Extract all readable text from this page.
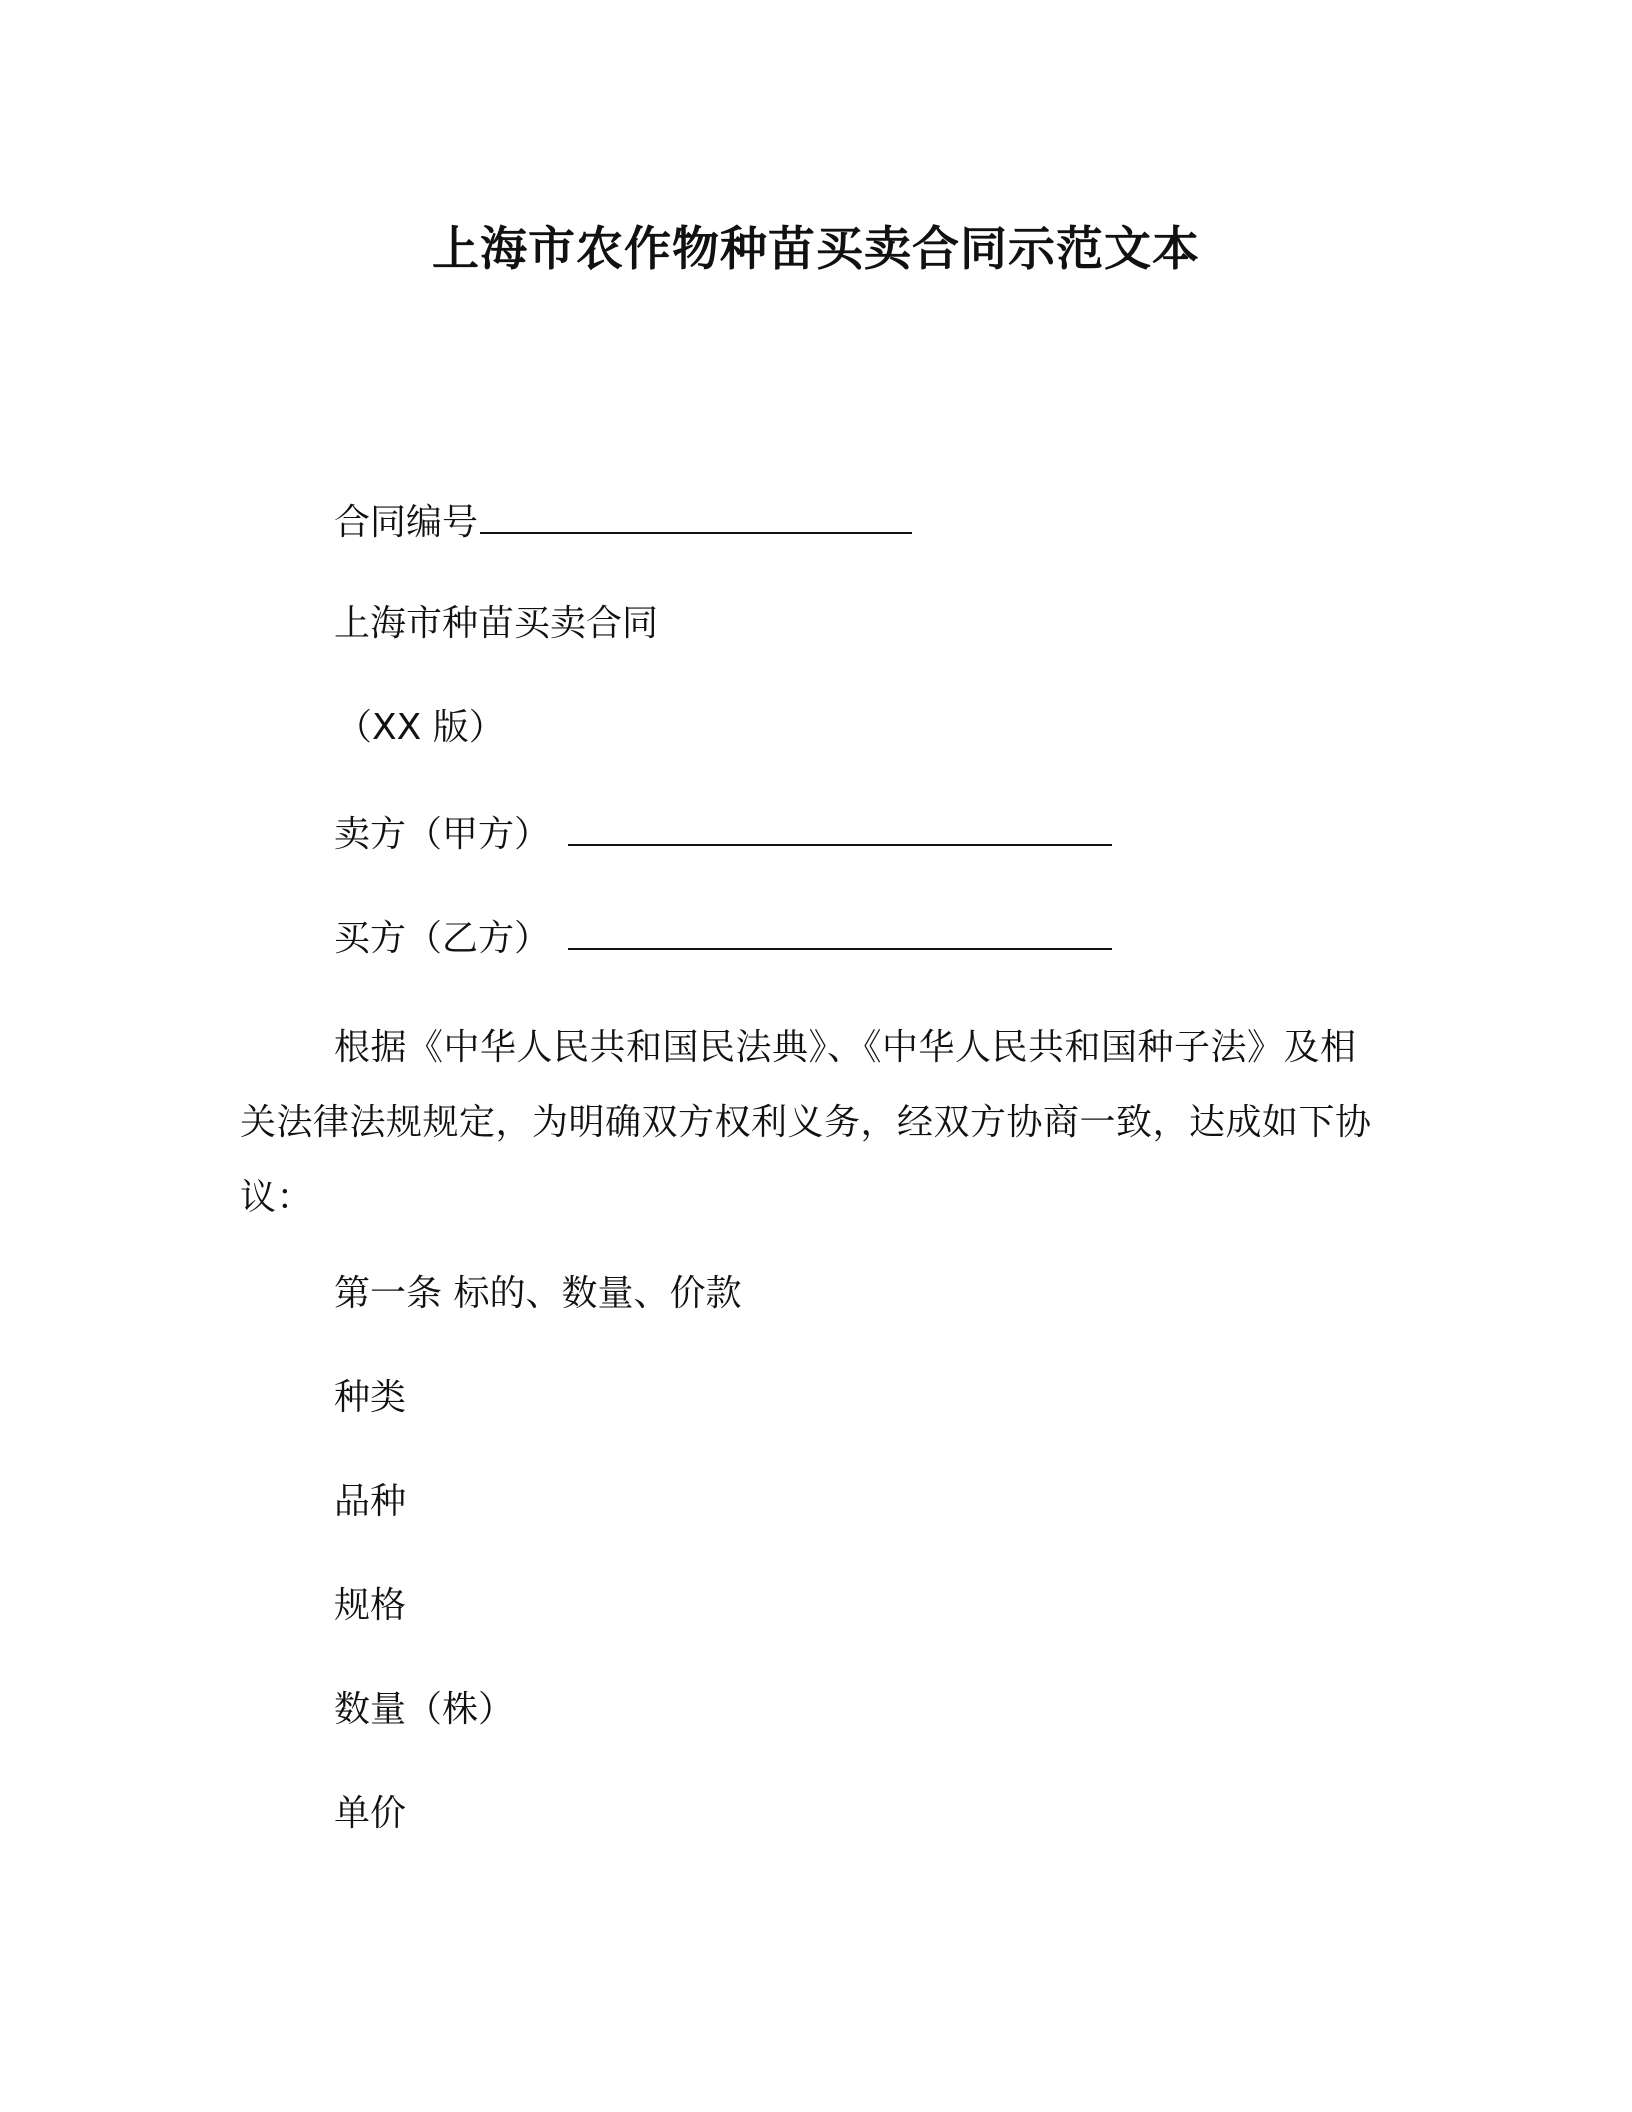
上海市农作物种苗买卖合同示范文本
合同编号
上海市种苗买卖合同
（XX 版）
卖方（甲方）
买方（乙方）
根据《中华人民共和国民法典》、《中华人民共和国种子法》及相关法律法规规定，为明确双方权利义务，经双方协商一致，达成如下协议：
第一条 标的、数量、价款
种类
品种
规格
数量（株）
单价
